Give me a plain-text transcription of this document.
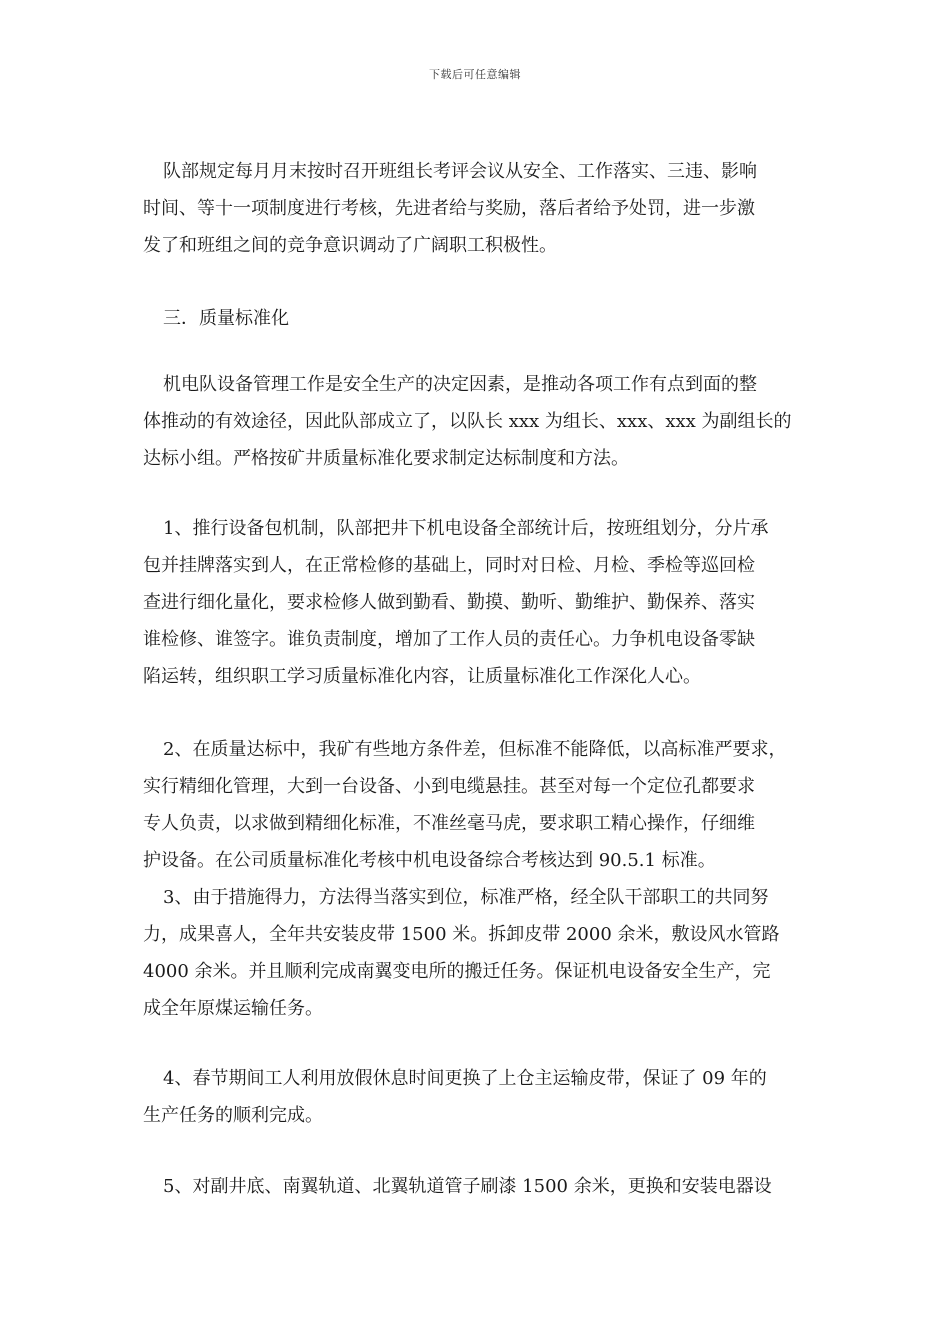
下载后可任意编辑
队部规定每月月末按时召开班组长考评会议从安全、工作落实、三违、影响
时间、等十一项制度进行考核，先进者给与奖励，落后者给予处罚，进一步激
发了和班组之间的竞争意识调动了广阔职工积极性。
三．质量标准化
机电队设备管理工作是安全生产的决定因素，是推动各项工作有点到面的整
体推动的有效途径，因此队部成立了，以队长 xxx 为组长、xxx、xxx 为副组长的
达标小组。严格按矿井质量标准化要求制定达标制度和方法。
1、推行设备包机制，队部把井下机电设备全部统计后，按班组划分，分片承
包并挂牌落实到人，在正常检修的基础上，同时对日检、月检、季检等巡回检
查进行细化量化，要求检修人做到勤看、勤摸、勤听、勤维护、勤保养、落实
谁检修、谁签字。谁负责制度，增加了工作人员的责任心。力争机电设备零缺
陷运转，组织职工学习质量标准化内容，让质量标准化工作深化人心。
2、在质量达标中，我矿有些地方条件差，但标准不能降低，以高标准严要求，
实行精细化管理，大到一台设备、小到电缆悬挂。甚至对每一个定位孔都要求
专人负责，以求做到精细化标准，不准丝毫马虎，要求职工精心操作，仔细维
护设备。在公司质量标准化考核中机电设备综合考核达到 90.5.1 标准。
3、由于措施得力，方法得当落实到位，标准严格，经全队干部职工的共同努
力，成果喜人，全年共安装皮带 1500 米。拆卸皮带 2000 余米，敷设风水管路
4000 余米。并且顺利完成南翼变电所的搬迁任务。保证机电设备安全生产，完
成全年原煤运输任务。
4、春节期间工人利用放假休息时间更换了上仓主运输皮带，保证了 09 年的
生产任务的顺利完成。
5、对副井底、南翼轨道、北翼轨道管子刷漆 1500 余米，更换和安装电器设
